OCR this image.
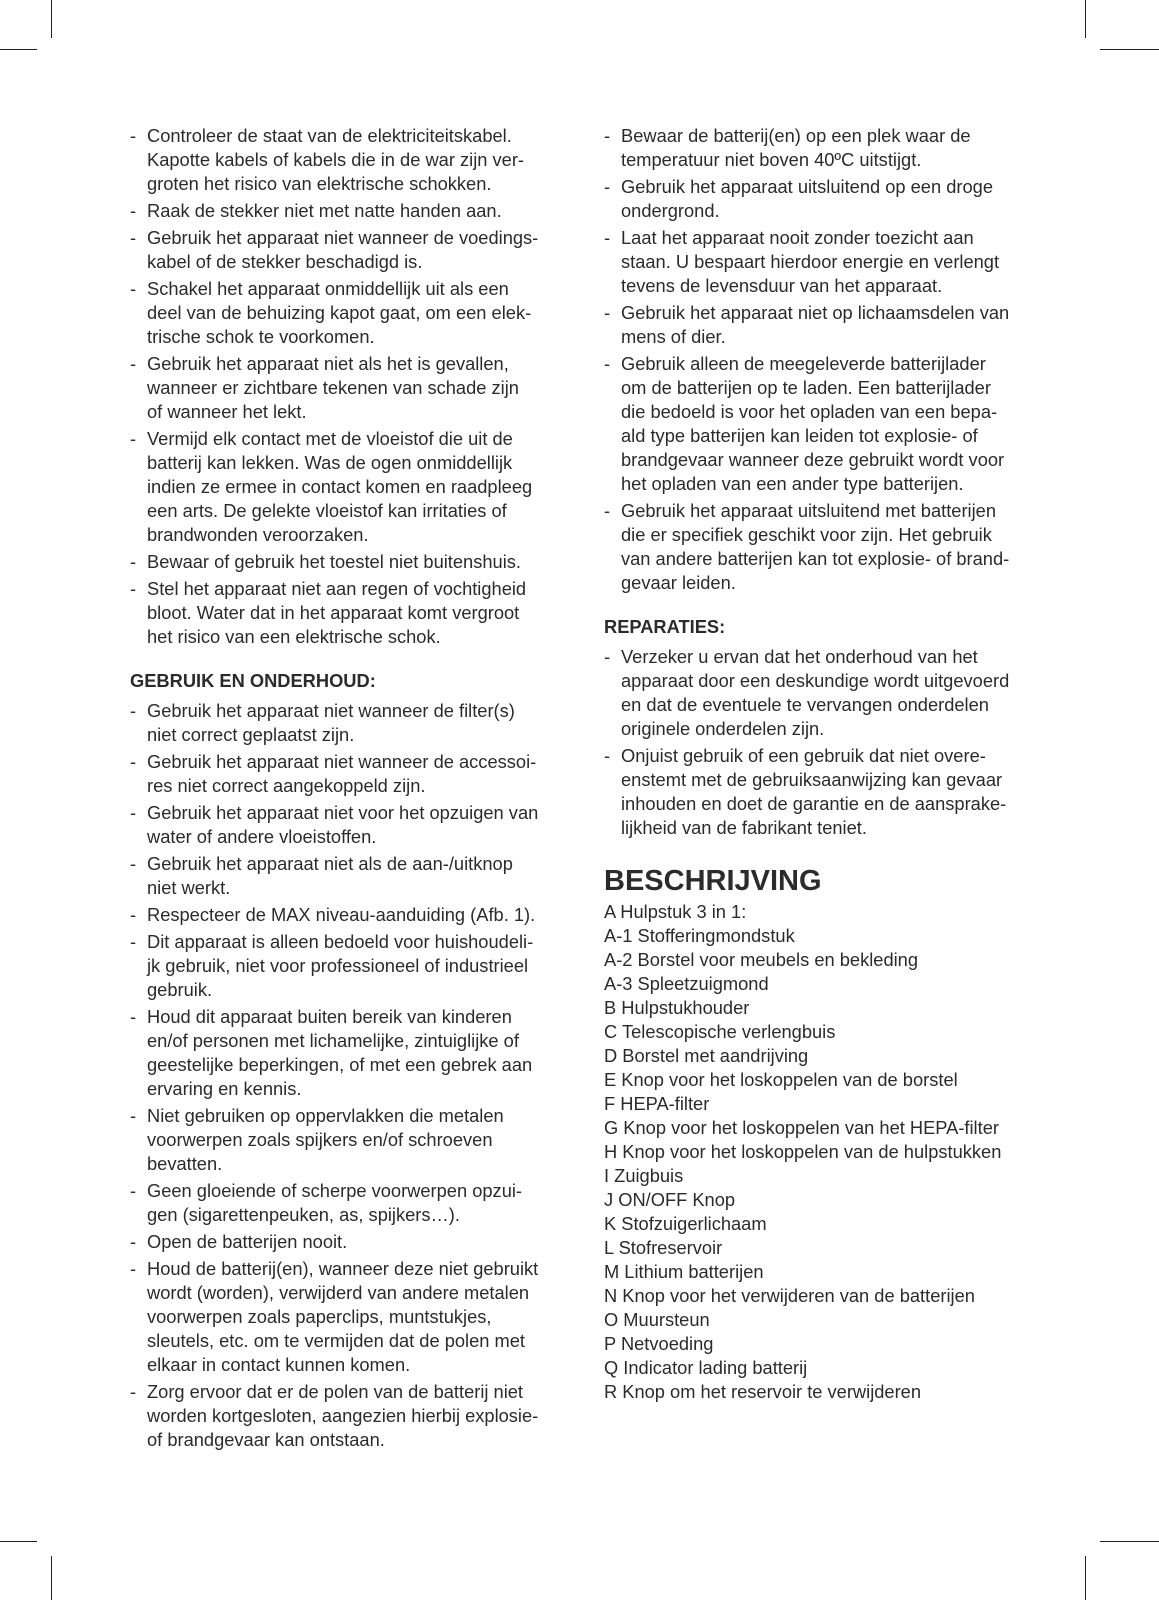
- Controleer de staat van de elektriciteitskabel.
Kapotte kabels of kabels die in de war zijn ver-
groten het risico van elektrische schokken.
- Raak de stekker niet met natte handen aan.
- Gebruik het apparaat niet wanneer de voedings-
kabel of de stekker beschadigd is.
- Schakel het apparaat onmiddellijk uit als een
deel van de behuizing kapot gaat, om een elek-
trische schok te voorkomen.
- Gebruik het apparaat niet als het is gevallen,
wanneer er zichtbare tekenen van schade zijn
of wanneer het lekt.
- Vermijd elk contact met de vloeistof die uit de
batterij kan lekken. Was de ogen onmiddellijk
indien ze ermee in contact komen en raadpleeg
een arts. De gelekte vloeistof kan irritaties of
brandwonden veroorzaken.
- Bewaar of gebruik het toestel niet buitenshuis.
- Stel het apparaat niet aan regen of vochtigheid
bloot. Water dat in het apparaat komt vergroot
het risico van een elektrische schok.
GEBRUIK EN ONDERHOUD:
- Gebruik het apparaat niet wanneer de filter(s)
niet correct geplaatst zijn.
- Gebruik het apparaat niet wanneer de accessoi-
res niet correct aangekoppeld zijn.
- Gebruik het apparaat niet voor het opzuigen van
water of andere vloeistoffen.
- Gebruik het apparaat niet als de aan-/uitknop
niet werkt.
- Respecteer de MAX niveau-aanduiding (Afb. 1).
- Dit apparaat is alleen bedoeld voor huishoudeli-
jk gebruik, niet voor professioneel of industrieel
gebruik.
- Houd dit apparaat buiten bereik van kinderen
en/of personen met lichamelijke, zintuiglijke of
geestelijke beperkingen, of met een gebrek aan
ervaring en kennis.
- Niet gebruiken op oppervlakken die metalen
voorwerpen zoals spijkers en/of schroeven
bevatten.
- Geen gloeiende of scherpe voorwerpen opzui-
gen (sigarettenpeuken, as, spijkers…).
- Open de batterijen nooit.
- Houd de batterij(en), wanneer deze niet gebruikt
wordt (worden), verwijderd van andere metalen
voorwerpen zoals paperclips, muntstukjes,
sleutels, etc. om te vermijden dat de polen met
elkaar in contact kunnen komen.
- Zorg ervoor dat er de polen van de batterij niet
worden kortgesloten, aangezien hierbij explosie-
of brandgevaar kan ontstaan.
- Bewaar de batterij(en) op een plek waar de
temperatuur niet boven 40ºC uitstijgt.
- Gebruik het apparaat uitsluitend op een droge
ondergrond.
- Laat het apparaat nooit zonder toezicht aan
staan. U bespaart hierdoor energie en verlengt
tevens de levensduur van het apparaat.
- Gebruik het apparaat niet op lichaamsdelen van
mens of dier.
- Gebruik alleen de meegeleverde batterijlader
om de batterijen op te laden. Een batterijlader
die bedoeld is voor het opladen van een bepa-
ald type batterijen kan leiden tot explosie- of
brandgevaar wanneer deze gebruikt wordt voor
het opladen van een ander type batterijen.
- Gebruik het apparaat uitsluitend met batterijen
die er specifiek geschikt voor zijn. Het gebruik
van andere batterijen kan tot explosie- of brand-
gevaar leiden.
REPARATIES:
- Verzeker u ervan dat het onderhoud van het
apparaat door een deskundige wordt uitgevoerd
en dat de eventuele te vervangen onderdelen
originele onderdelen zijn.
- Onjuist gebruik of een gebruik dat niet overe-
enstemt met de gebruiksaanwijzing kan gevaar
inhouden en doet de garantie en de aansprake-
lijkheid van de fabrikant teniet.
BESCHRIJVING
A Hulpstuk 3 in 1:
A-1 Stofferingmondstuk
A-2 Borstel voor meubels en bekleding
A-3 Spleetzuigmond
B Hulpstukhouder
C Telescopische verlengbuis
D Borstel met aandrijving
E Knop voor het loskoppelen van de borstel
F HEPA-filter
G Knop voor het loskoppelen van het HEPA-filter
H Knop voor het loskoppelen van de hulpstukken
I Zuigbuis
J ON/OFF Knop
K Stofzuigerlichaam
L Stofreservoir
M Lithium batterijen
N Knop voor het verwijderen van de batterijen
O Muursteun
P Netvoeding
Q Indicator lading batterij
R Knop om het reservoir te verwijderen
